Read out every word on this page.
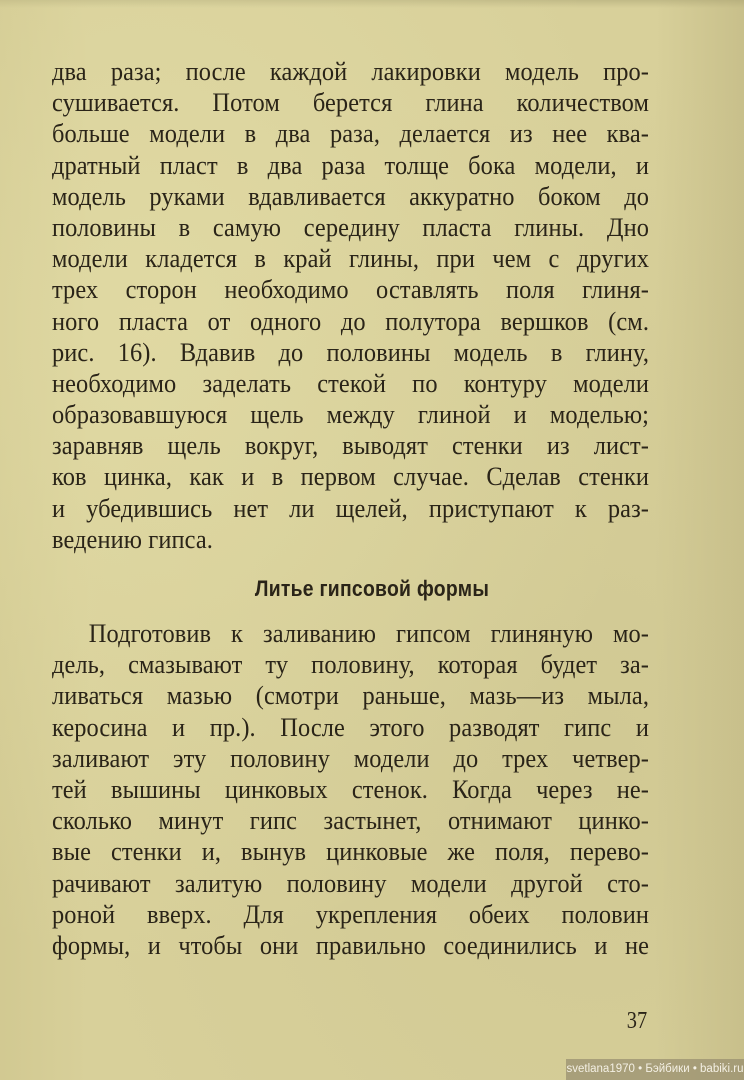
два раза; после каждой лакировки модель про-
сушивается. Потом берется глина количеством
больше модели в два раза, делается из нее ква-
дратный пласт в два раза толще бока модели, и
модель руками вдавливается аккуратно боком до
половины в самую середину пласта глины. Дно
модели кладется в край глины, при чем с других
трех сторон необходимо оставлять поля глиня-
ного пласта от одного до полутора вершков (см.
рис. 16). Вдавив до половины модель в глину,
необходимо заделать стекой по контуру модели
образовавшуюся щель между глиной и моделью;
заравняв щель вокруг, выводят стенки из лист-
ков цинка, как и в первом случае. Сделав стенки
и убедившись нет ли щелей, приступают к раз-
ведению гипса.
Литье гипсовой формы
Подготовив к заливанию гипсом глиняную мо-
дель, смазывают ту половину, которая будет за-
ливаться мазью (смотри раньше, мазь—из мыла,
керосина и пр.). После этого разводят гипс и
заливают эту половину модели до трех четвер-
тей вышины цинковых стенок. Когда через не-
сколько минут гипс застынет, отнимают цинко-
вые стенки и, вынув цинковые же поля, перево-
рачивают залитую половину модели другой сто-
роной вверх. Для укрепления обеих половин
формы, и чтобы они правильно соединились и не
37
svetlana1970 • Бэйбики • babiki.ru
